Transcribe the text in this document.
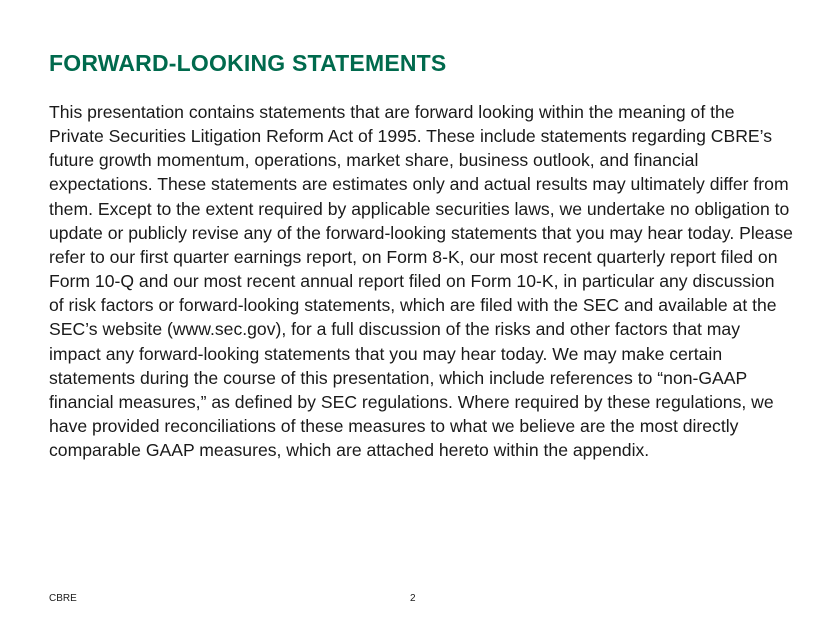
FORWARD-LOOKING STATEMENTS

This presentation contains statements that are forward looking within the meaning of the Private Securities Litigation Reform Act of 1995. These include statements regarding CBRE’s future growth momentum, operations, market share, business outlook, and financial expectations. These statements are estimates only and actual results may ultimately differ from them. Except to the extent required by applicable securities laws, we undertake no obligation to update or publicly revise any of the forward-looking statements that you may hear today. Please refer to our first quarter earnings report, on Form 8-K, our most recent quarterly report filed on Form 10-Q and our most recent annual report filed on Form 10-K, in particular any discussion of risk factors or forward-looking statements, which are filed with the SEC and available at the SEC’s website (www.sec.gov), for a full discussion of the risks and other factors that may impact any forward-looking statements that you may hear today. We may make certain statements during the course of this presentation, which include references to “non-GAAP financial measures,” as defined by SEC regulations. Where required by these regulations, we have provided reconciliations of these measures to what we believe are the most directly comparable GAAP measures, which are attached hereto within the appendix.

CBRE	2
